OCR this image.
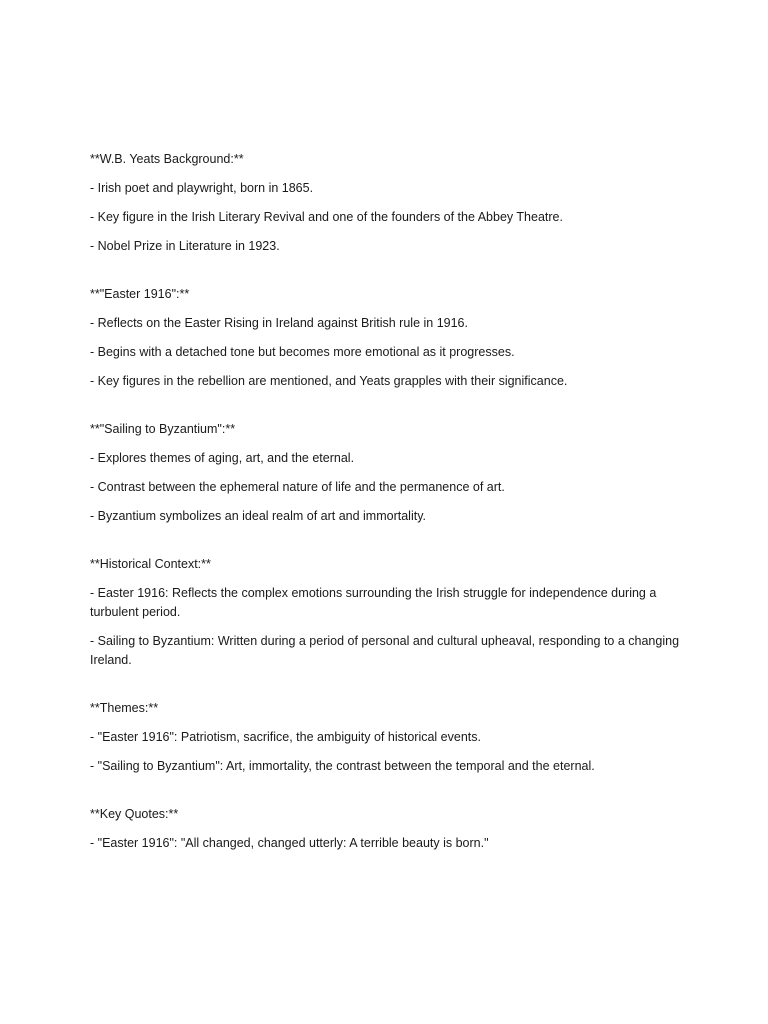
**W.B. Yeats Background:**

- Irish poet and playwright, born in 1865.

- Key figure in the Irish Literary Revival and one of the founders of the Abbey Theatre.

- Nobel Prize in Literature in 1923.

**"Easter 1916":**

- Reflects on the Easter Rising in Ireland against British rule in 1916.

- Begins with a detached tone but becomes more emotional as it progresses.

- Key figures in the rebellion are mentioned, and Yeats grapples with their significance.

**"Sailing to Byzantium":**

- Explores themes of aging, art, and the eternal.

- Contrast between the ephemeral nature of life and the permanence of art.

- Byzantium symbolizes an ideal realm of art and immortality.

**Historical Context:**

- Easter 1916: Reflects the complex emotions surrounding the Irish struggle for independence during a turbulent period.

- Sailing to Byzantium: Written during a period of personal and cultural upheaval, responding to a changing Ireland.

**Themes:**

- "Easter 1916": Patriotism, sacrifice, the ambiguity of historical events.

- "Sailing to Byzantium": Art, immortality, the contrast between the temporal and the eternal.

**Key Quotes:**

- "Easter 1916": "All changed, changed utterly: A terrible beauty is born."
